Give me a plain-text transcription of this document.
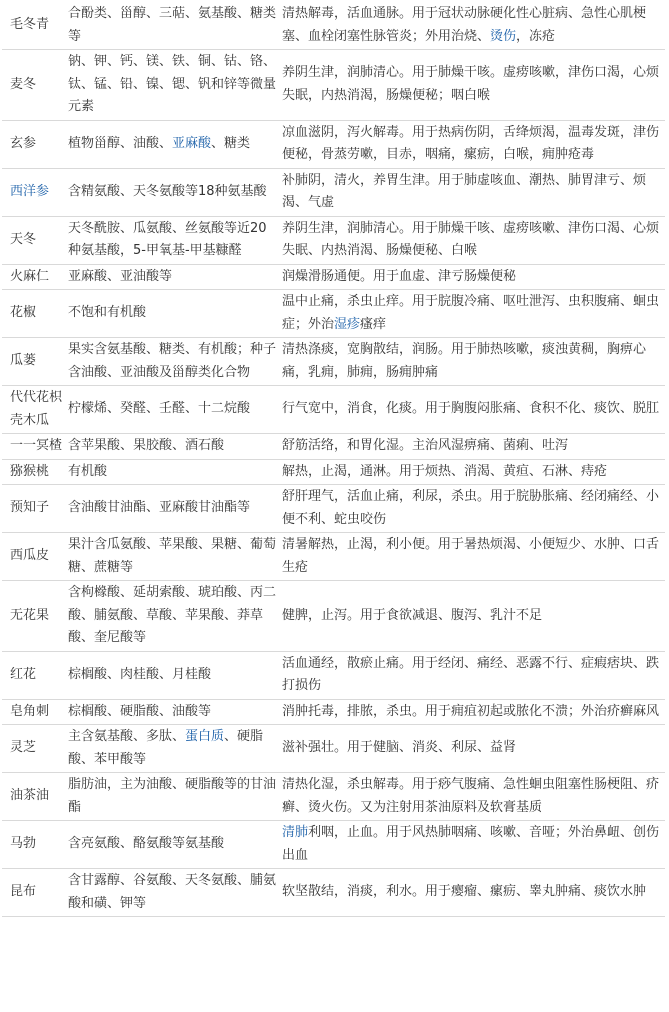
毛冬青	合酚类、甾醇、三萜、氨基酸、糖类等	清热解毒，活血通脉。用于冠状动脉硬化性心脏病、急性心肌梗塞、血栓闭塞性脉管炎；外用治烧、烫伤，冻疮
麦冬	钠、钾、钙、镁、铁、铜、钴、铬、钛、锰、铅、镍、锶、钒和锌等微量元素	养阴生津，润肺清心。用于肺燥干咳。虚痨咳嗽，津伤口渴，心烦失眠，内热消渴，肠燥便秘；咽白喉
玄参	植物甾醇、油酸、亚麻酸、糖类	凉血滋阴，泻火解毒。用于热病伤阴，舌绛烦渴，温毒发斑，津伤便秘，骨蒸劳嗽，目赤，咽痛，瘰疬，白喉，痈肿疮毒
西洋参	含精氨酸、天冬氨酸等18种氨基酸	补肺阴，清火，养胃生津。用于肺虚咳血、潮热、肺胃津亏、烦渴、气虚
天冬	天冬酰胺、瓜氨酸、丝氨酸等近20种氨基酸，5-甲氧基-甲基糠醛	养阴生津，润肺清心。用于肺燥干咳、虚痨咳嗽、津伤口渴、心烦失眠、内热消渴、肠燥便秘、白喉
火麻仁	亚麻酸、亚油酸等	润燥滑肠通便。用于血虚、津亏肠燥便秘
花椒	不饱和有机酸	温中止痛，杀虫止痒。用于脘腹冷痛、呕吐泄泻、虫积腹痛、蛔虫症；外治湿疹瘙痒
瓜蒌	果实含氨基酸、糖类、有机酸；种子含油酸、亚油酸及甾醇类化合物	清热涤痰，宽胸散结，润肠。用于肺热咳嗽，痰浊黄稠，胸痹心痛，乳痈，肺痈，肠痈肿痛
代代花枳壳木瓜	柠檬烯、癸醛、壬醛、十二烷酸	行气宽中，消食，化痰。用于胸腹闷胀痛、食积不化、痰饮、脱肛
一一冥楂	含苹果酸、果胶酸、酒石酸	舒筋活络，和胃化湿。主治风湿痹痛、菌痢、吐泻
猕猴桃	有机酸	解热，止渴，通淋。用于烦热、消渴、黄疸、石淋、痔疮
预知子	含油酸甘油酯、亚麻酸甘油酯等	舒肝理气，活血止痛，利尿，杀虫。用于脘胁胀痛、经闭痛经、小便不利、蛇虫咬伤
西瓜皮	果汁含瓜氨酸、苹果酸、果糖、葡萄糖、蔗糖等	清暑解热，止渴，利小便。用于暑热烦渴、小便短少、水肿、口舌生疮
无花果	含枸橼酸、延胡索酸、琥珀酸、丙二酸、脯氨酸、草酸、苹果酸、莽草酸、奎尼酸等	健脾，止泻。用于食欲减退、腹泻、乳汁不足
红花	棕榈酸、肉桂酸、月桂酸	活血通经，散瘀止痛。用于经闭、痛经、恶露不行、症瘕痞块、跌打损伤
皂角刺	棕榈酸、硬脂酸、油酸等	消肿托毒，排脓，杀虫。用于痈疽初起或脓化不溃；外治疥癣麻风
灵芝	主含氨基酸、多肽、蛋白质、硬脂酸、苯甲酸等	滋补强壮。用于健脑、消炎、利尿、益肾
油茶油	脂肪油，主为油酸、硬脂酸等的甘油酯	清热化湿，杀虫解毒。用于痧气腹痛、急性蛔虫阻塞性肠梗阻、疥癣、烫火伤。又为注射用茶油原料及软膏基质
马勃	含亮氨酸、酪氨酸等氨基酸	清肺利咽，止血。用于风热肺咽痛、咳嗽、音哑；外治鼻衄、创伤出血
昆布	含甘露醇、谷氨酸、天冬氨酸、脯氨酸和磺、钾等	软坚散结，消痰，利水。用于瘿瘤、瘰疬、睾丸肿痛、痰饮水肿
